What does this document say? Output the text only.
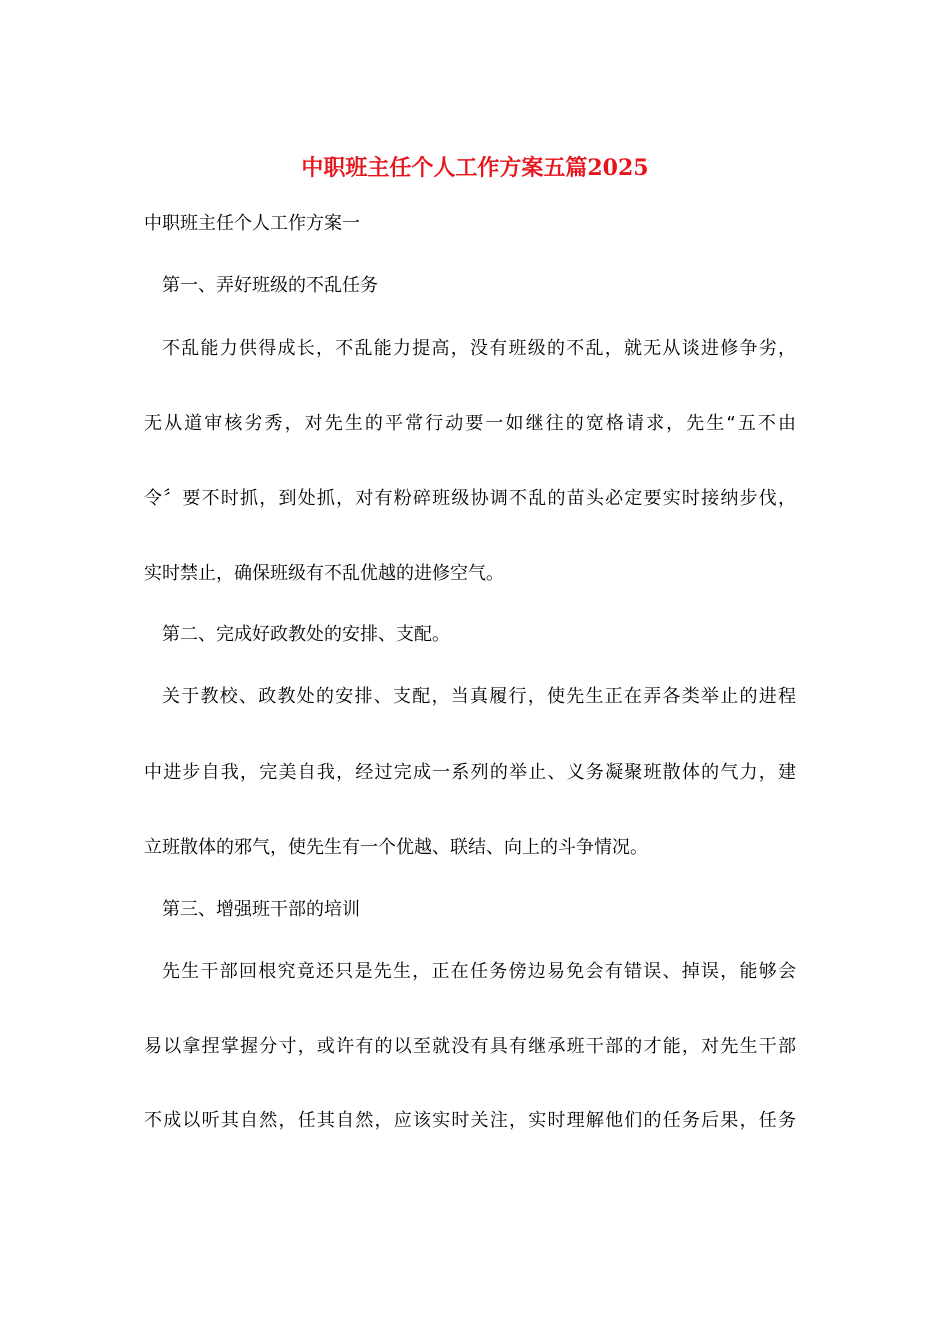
中职班主任个人工作方案五篇2025
中职班主任个人工作方案一
第一、弄好班级的不乱任务
不乱能力供得成长，不乱能力提高，没有班级的不乱，就无从谈进修争劣，
无从道审核劣秀，对先生的平常行动要一如继往的宽格请求，先生“五不由
令〞要不时抓，到处抓，对有粉碎班级协调不乱的苗头必定要实时接纳步伐，
实时禁止，确保班级有不乱优越的进修空气。
第二、完成好政教处的安排、支配。
关于教校、政教处的安排、支配，当真履行，使先生正在弄各类举止的进程
中进步自我，完美自我，经过完成一系列的举止、义务凝聚班散体的气力，建
立班散体的邪气，使先生有一个优越、联结、向上的斗争情况。
第三、增强班干部的培训
先生干部回根究竟还只是先生，正在任务傍边易免会有错误、掉误，能够会
易以拿捏掌握分寸，或许有的以至就没有具有继承班干部的才能，对先生干部
不成以听其自然，任其自然，应该实时关注，实时理解他们的任务后果，任务
